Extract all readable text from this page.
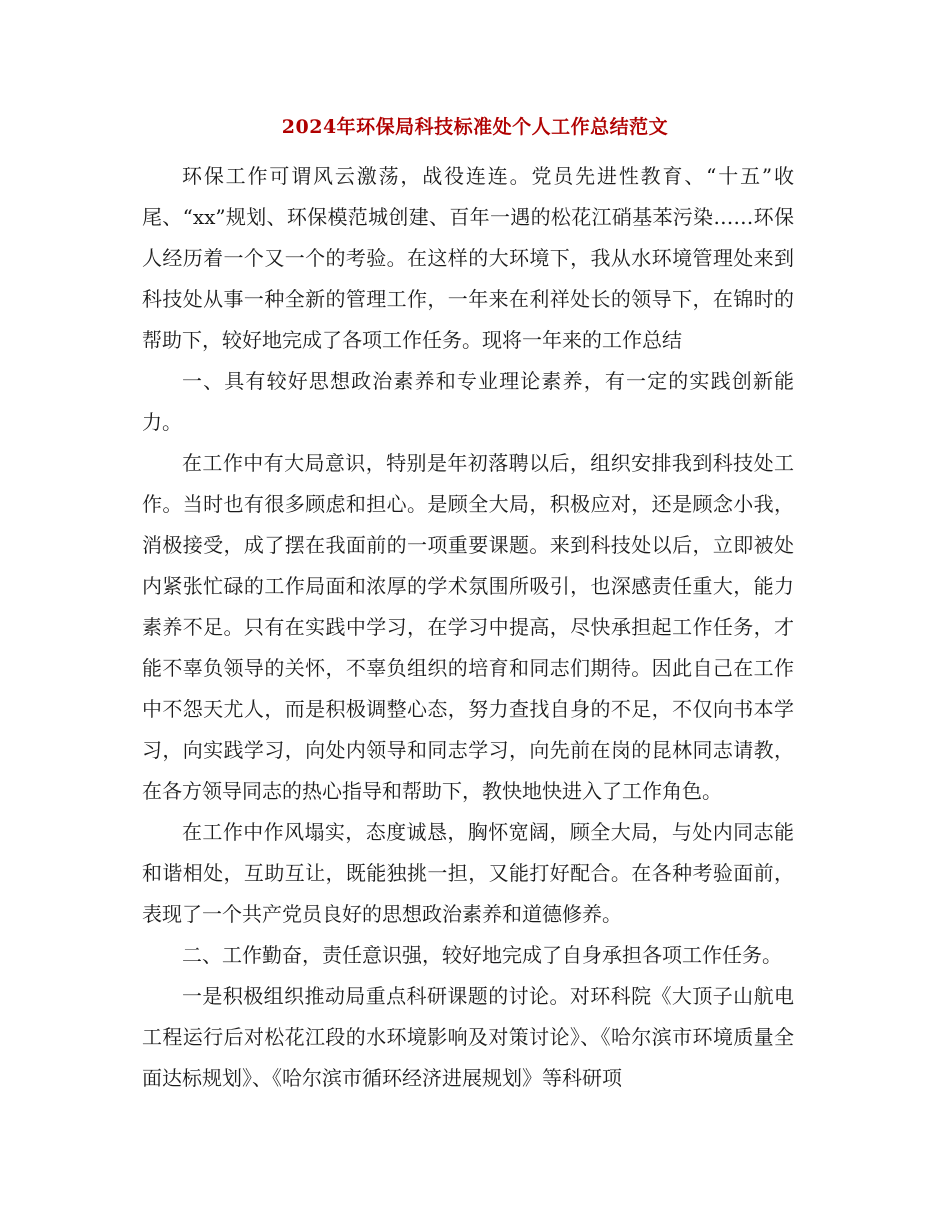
2024年环保局科技标准处个人工作总结范文

环保工作可谓风云激荡，战役连连。党员先进性教育、“十五”收尾、“xx”规划、环保模范城创建、百年一遇的松花江硝基苯污染……环保人经历着一个又一个的考验。在这样的大环境下，我从水环境管理处来到科技处从事一种全新的管理工作，一年来在利祥处长的领导下，在锦时的帮助下，较好地完成了各项工作任务。现将一年来的工作总结

一、具有较好思想政治素养和专业理论素养，有一定的实践创新能力。

在工作中有大局意识，特别是年初落聘以后，组织安排我到科技处工作。当时也有很多顾虑和担心。是顾全大局，积极应对，还是顾念小我，消极接受，成了摆在我面前的一项重要课题。来到科技处以后，立即被处内紧张忙碌的工作局面和浓厚的学术氛围所吸引，也深感责任重大，能力素养不足。只有在实践中学习，在学习中提高，尽快承担起工作任务，才能不辜负领导的关怀，不辜负组织的培育和同志们期待。因此自己在工作中不怨天尤人，而是积极调整心态，努力查找自身的不足，不仅向书本学习，向实践学习，向处内领导和同志学习，向先前在岗的昆林同志请教，在各方领导同志的热心指导和帮助下，教快地快进入了工作角色。

在工作中作风塌实，态度诚恳，胸怀宽阔，顾全大局，与处内同志能和谐相处，互助互让，既能独挑一担，又能打好配合。在各种考验面前，表现了一个共产党员良好的思想政治素养和道德修养。

二、工作勤奋，责任意识强，较好地完成了自身承担各项工作任务。

一是积极组织推动局重点科研课题的讨论。对环科院《大顶子山航电工程运行后对松花江段的水环境影响及对策讨论》、《哈尔滨市环境质量全面达标规划》、《哈尔滨市循环经济进展规划》等科研项
